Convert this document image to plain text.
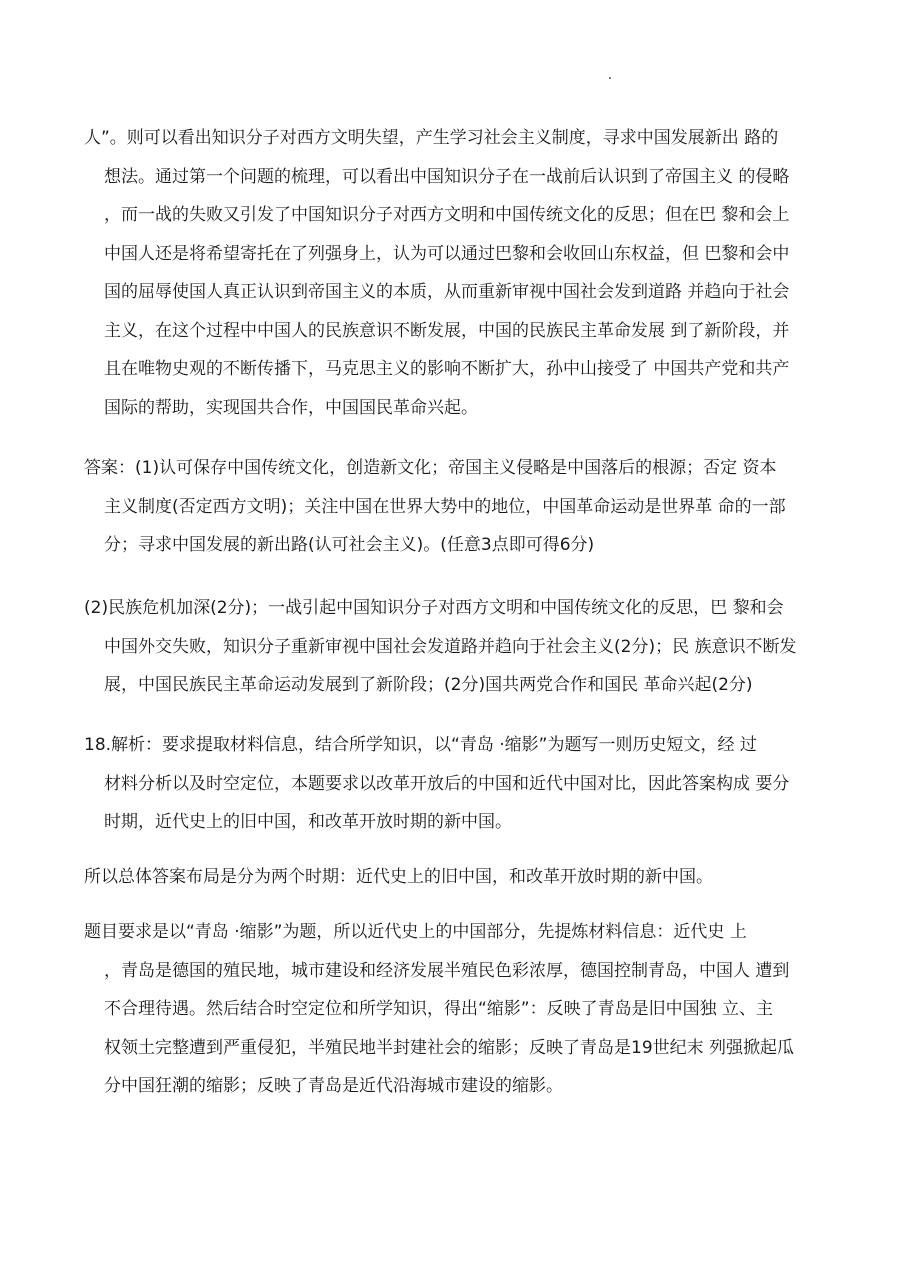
人”。则可以看出知识分子对西方文明失望，产生学习社会主义制度，寻求中国发展新出 路的
想法。通过第一个问题的梳理，可以看出中国知识分子在一战前后认识到了帝国主义 的侵略
，而一战的失败又引发了中国知识分子对西方文明和中国传统文化的反思；但在巴 黎和会上
中国人还是将希望寄托在了列强身上，认为可以通过巴黎和会收回山东权益，但 巴黎和会中
国的屈辱使国人真正认识到帝国主义的本质，从而重新审视中国社会发到道路 并趋向于社会
主义，在这个过程中中国人的民族意识不断发展，中国的民族民主革命发展 到了新阶段，并
且在唯物史观的不断传播下，马克思主义的影响不断扩大，孙中山接受了 中国共产党和共产
国际的帮助，实现国共合作，中国国民革命兴起。
答案：(1)认可保存中国传统文化，创造新文化；帝国主义侵略是中国落后的根源；否定 资本
主义制度(否定西方文明)；关注中国在世界大势中的地位，中国革命运动是世界革 命的一部
分；寻求中国发展的新出路(认可社会主义)。(任意3点即可得6分)
(2)民族危机加深(2分)；一战引起中国知识分子对西方文明和中国传统文化的反思，巴 黎和会
中国外交失败，知识分子重新审视中国社会发道路并趋向于社会主义(2分)；民 族意识不断发
展，中国民族民主革命运动发展到了新阶段；(2分)国共两党合作和国民 革命兴起(2分)
18.解析：要求提取材料信息，结合所学知识，以“青岛 ·缩影”为题写一则历史短文，经 过
材料分析以及时空定位，本题要求以改革开放后的中国和近代中国对比，因此答案构成 要分
时期，近代史上的旧中国，和改革开放时期的新中国。
所以总体答案布局是分为两个时期：近代史上的旧中国，和改革开放时期的新中国。
题目要求是以“青岛 ·缩影”为题，所以近代史上的中国部分，先提炼材料信息：近代史 上
，青岛是德国的殖民地，城市建设和经济发展半殖民色彩浓厚，德国控制青岛，中国人 遭到
不合理待遇。然后结合时空定位和所学知识，得出“缩影”：反映了青岛是旧中国独 立、主
权领土完整遭到严重侵犯，半殖民地半封建社会的缩影；反映了青岛是19世纪末 列强掀起瓜
分中国狂潮的缩影；反映了青岛是近代沿海城市建设的缩影。
